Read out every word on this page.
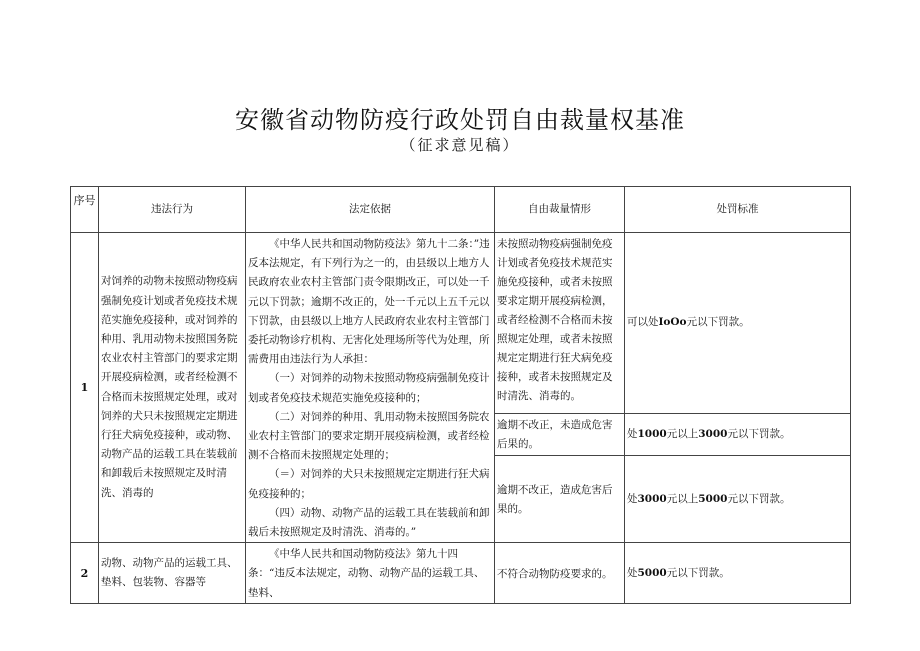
安徽省动物防疫行政处罚自由裁量权基准
（征求意见稿）
序号	违法行为	法定依据	自由裁量情形	处罚标准
1	对饲养的动物未按照动物疫病强制免疫计划或者免疫技术规范实施免疫接种，或对饲养的种用、乳用动物未按照国务院农业农村主管部门的要求定期开展疫病检测，或者经检测不合格而未按照规定处理，或对饲养的犬只未按照规定定期进行狂犬病免疫接种，或动物、动物产品的运载工具在装载前和卸载后未按照规定及时清洗、消毒的	《中华人民共和国动物防疫法》第九十二条：”违反本法规定，有下列行为之一的，由县级以上地方人民政府农业农村主管部门责令限期改正，可以处一千元以下罚款；逾期不改正的，处一千元以上五千元以下罚款，由县级以上地方人民政府农业农村主管部门委托动物诊疗机构、无害化处理场所等代为处理，所需费用由违法行为人承担：

（一）对饲养的动物未按照动物疫病强制免疫计划或者免疫技术规范实施免疫接种的；

（二）对饲养的种用、乳用动物未按照国务院农业农村主管部门的要求定期开展疫病检测，或者经检测不合格而未按照规定处理的；

（＝）对饲养的犬只未按照规定定期进行狂犬病免疫接种的；

（四）动物、动物产品的运载工具在装载前和卸载后未按照规定及时清洗、消毒的。”	未按照动物疫病强制免疫计划或者免疫技术规范实施免疫接种，或者未按照要求定期开展疫病检测，或者经检测不合格而未按照规定处理，或者未按照规定定期进行狂犬病免疫接种，或者未按照规定及时清洗、消毒的。	可以处IoOo元以下罚款。
			逾期不改正，未造成危害后果的。	处1000元以上3000元以下罚款。
			逾期不改正，造成危害后果的。	处3000元以上5000元以下罚款。
2	动物、动物产品的运载工具、垫料、包装物、容器等	《中华人民共和国动物防疫法》第九十四条：“违反本法规定，动物、动物产品的运载工具、垫料、	不符合动物防疫要求的。	处5000元以下罚款。
